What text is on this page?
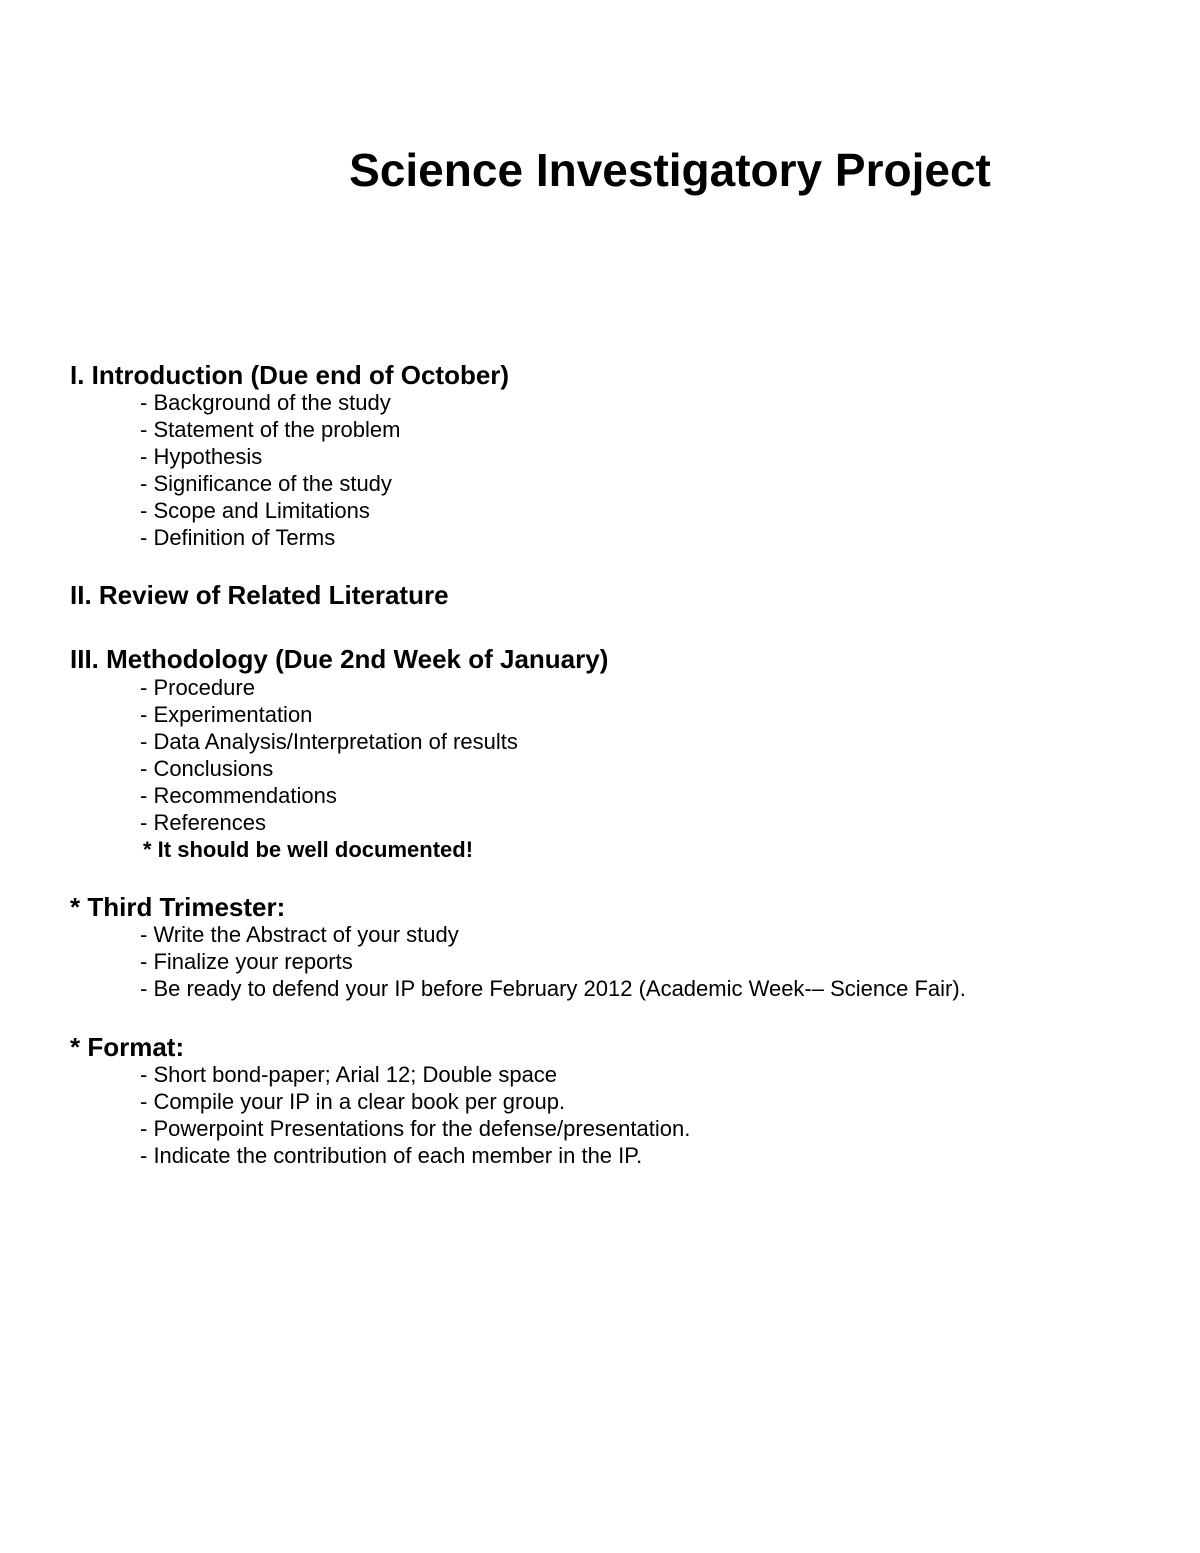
Science Investigatory Project
I. Introduction (Due end of October)
- Background of the study
- Statement of the problem
- Hypothesis
- Significance of the study
- Scope and Limitations
- Definition of Terms
II. Review of Related Literature
III. Methodology (Due 2nd Week of January)
- Procedure
- Experimentation
- Data Analysis/Interpretation of results
- Conclusions
- Recommendations
- References
* It should be well documented!
* Third Trimester:
- Write the Abstract of your study
- Finalize your reports
- Be ready to defend your IP before February 2012 (Academic Week-– Science Fair).
* Format:
- Short bond-paper; Arial 12; Double space
- Compile your IP in a clear book per group.
- Powerpoint Presentations for the defense/presentation.
- Indicate the contribution of each member in the IP.
